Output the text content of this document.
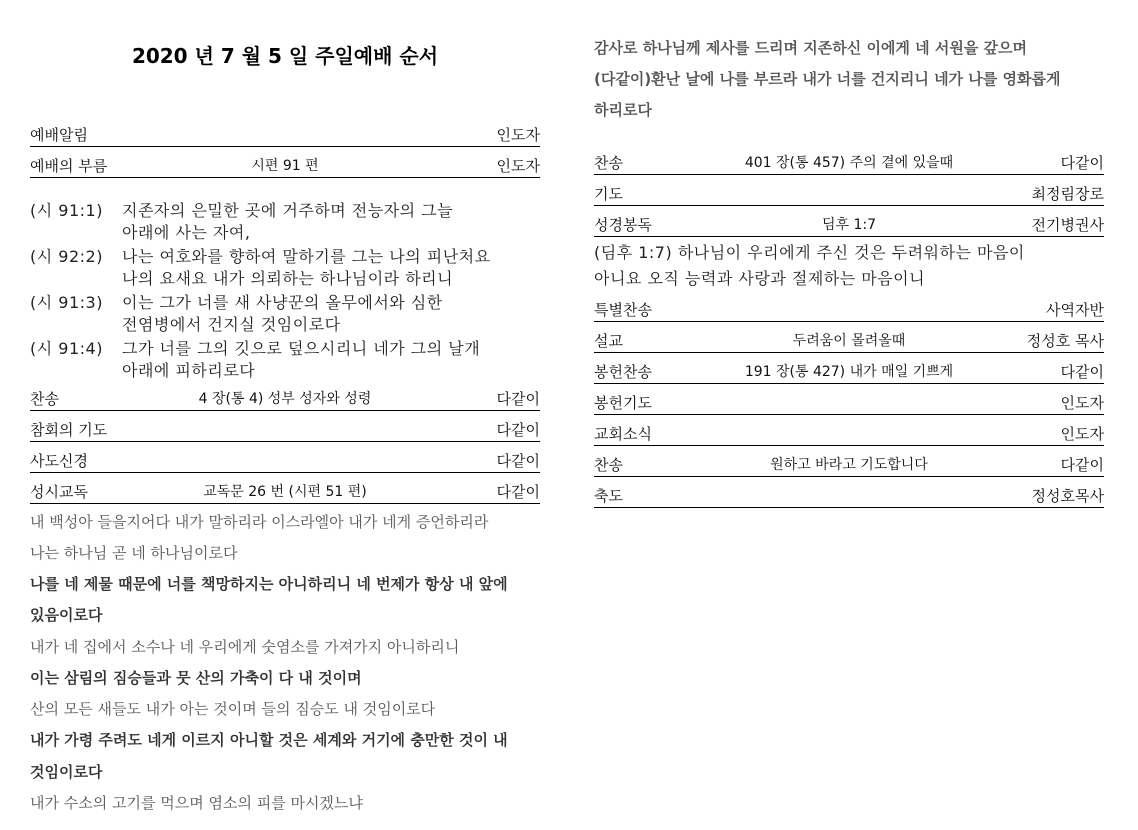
2020 년 7 월 5 일 주일예배 순서
예배알림	인도자
예배의 부름	시편 91 편	인도자
(시 91:1) 지존자의 은밀한 곳에 거주하며 전능자의 그늘
아래에 사는 자여,
(시 92:2) 나는 여호와를 향하여 말하기를 그는 나의 피난처요
나의 요새요 내가 의뢰하는 하나님이라 하리니
(시 91:3) 이는 그가 너를 새 사냥꾼의 올무에서와 심한
전염병에서 건지실 것임이로다
(시 91:4) 그가 너를 그의 깃으로 덮으시리니 네가 그의 날개
아래에 피하리로다
찬송	4 장(통 4) 성부 성자와 성령	다같이
참회의 기도	다같이
사도신경	다같이
성시교독	교독문 26 번 (시편 51 편)	다같이
내 백성아 들을지어다 내가 말하리라 이스라엘아 내가 네게 증언하리라
나는 하나님 곧 네 하나님이로다
나를 네 제물 때문에 너를 책망하지는 아니하리니 네 번제가 항상 내 앞에
있음이로다
내가 네 집에서 소수나 네 우리에게 숫염소를 가져가지 아니하리니
이는 삼림의 짐승들과 뭇 산의 가축이 다 내 것이며
산의 모든 새들도 내가 아는 것이며 들의 짐승도 내 것임이로다
내가 가령 주려도 네게 이르지 아니할 것은 세계와 거기에 충만한 것이 내
것임이로다
내가 수소의 고기를 먹으며 염소의 피를 마시겠느냐
감사로 하나님께 제사를 드리며 지존하신 이에게 네 서원을 갚으며
(다같이)환난 날에 나를 부르라 내가 너를 건지리니 네가 나를 영화롭게
하리로다
찬송	401 장(통 457) 주의 곁에 있을때	다같이
기도	최정림장로
성경봉독	딤후 1:7	전기병권사
(딤후 1:7) 하나님이 우리에게 주신 것은 두려워하는 마음이
아니요 오직 능력과 사랑과 절제하는 마음이니
특별찬송	사역자반
설교	두려움이 몰려올때	정성호 목사
봉헌찬송	191 장(통 427) 내가 매일 기쁘게	다같이
봉헌기도	인도자
교회소식	인도자
찬송	원하고 바라고 기도합니다	다같이
축도	정성호목사
